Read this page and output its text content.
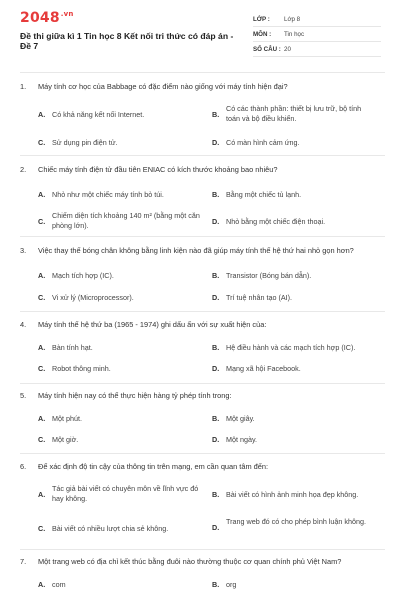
$2048^{.vn}$
Đề thi giữa kì 1 Tin học 8 Kết nối tri thức có đáp án - Đề 7
LỚP :	Lớp 8
MÔN :	Tin học
SỐ CÂU : 20
1. Máy tính cơ học của Babbage có đặc điểm nào giống với máy tính hiện đại?
A. Có khả năng kết nối Internet.	B.
Có các thành phần: thiết bị lưu trữ, bộ tính toán và bộ điều khiển.
C. Sử dụng pin điện tử.	D. Có màn hình cảm ứng.
2. Chiếc máy tính điện tử đầu tiên ENIAC có kích thước khoảng bao nhiêu?
A. Nhỏ như một chiếc máy tính bỏ túi.	B. Bằng một chiếc tủ lạnh.
C.
Chiếm diện tích khoảng 140 m² (bằng một căn phòng lớn).	D. Nhỏ bằng một chiếc điện thoại.
3. Việc thay thế bóng chân không bằng linh kiện nào đã giúp máy tính thế hệ thứ hai nhỏ gọn hơn?
A. Mạch tích hợp (IC).	B. Transistor (Bóng bán dẫn).
C. Vi xử lý (Microprocessor).	D. Trí tuệ nhân tạo (AI).
4. Máy tính thế hệ thứ ba (1965 - 1974) ghi dấu ấn với sự xuất hiện của:
A. Bàn tính hạt.	B. Hệ điều hành và các mạch tích hợp (IC).
C. Robot thông minh.	D. Mạng xã hội Facebook.
5. Máy tính hiện nay có thể thực hiện hàng tỷ phép tính trong:
A. Một phút.	B. Một giây.
C. Một giờ.	D. Một ngày.
6. Để xác định độ tin cậy của thông tin trên mạng, em cần quan tâm đến:
A.
Tác giả bài viết có chuyên môn về lĩnh vực đó hay không.	B. Bài viết có hình ảnh minh họa đẹp không.
C. Bài viết có nhiều lượt chia sẻ không.	D.
Trang web đó có cho phép bình luận không.
7. Một trang web có địa chỉ kết thúc bằng đuôi nào thường thuộc cơ quan chính phủ Việt Nam?
A. com	B. org
